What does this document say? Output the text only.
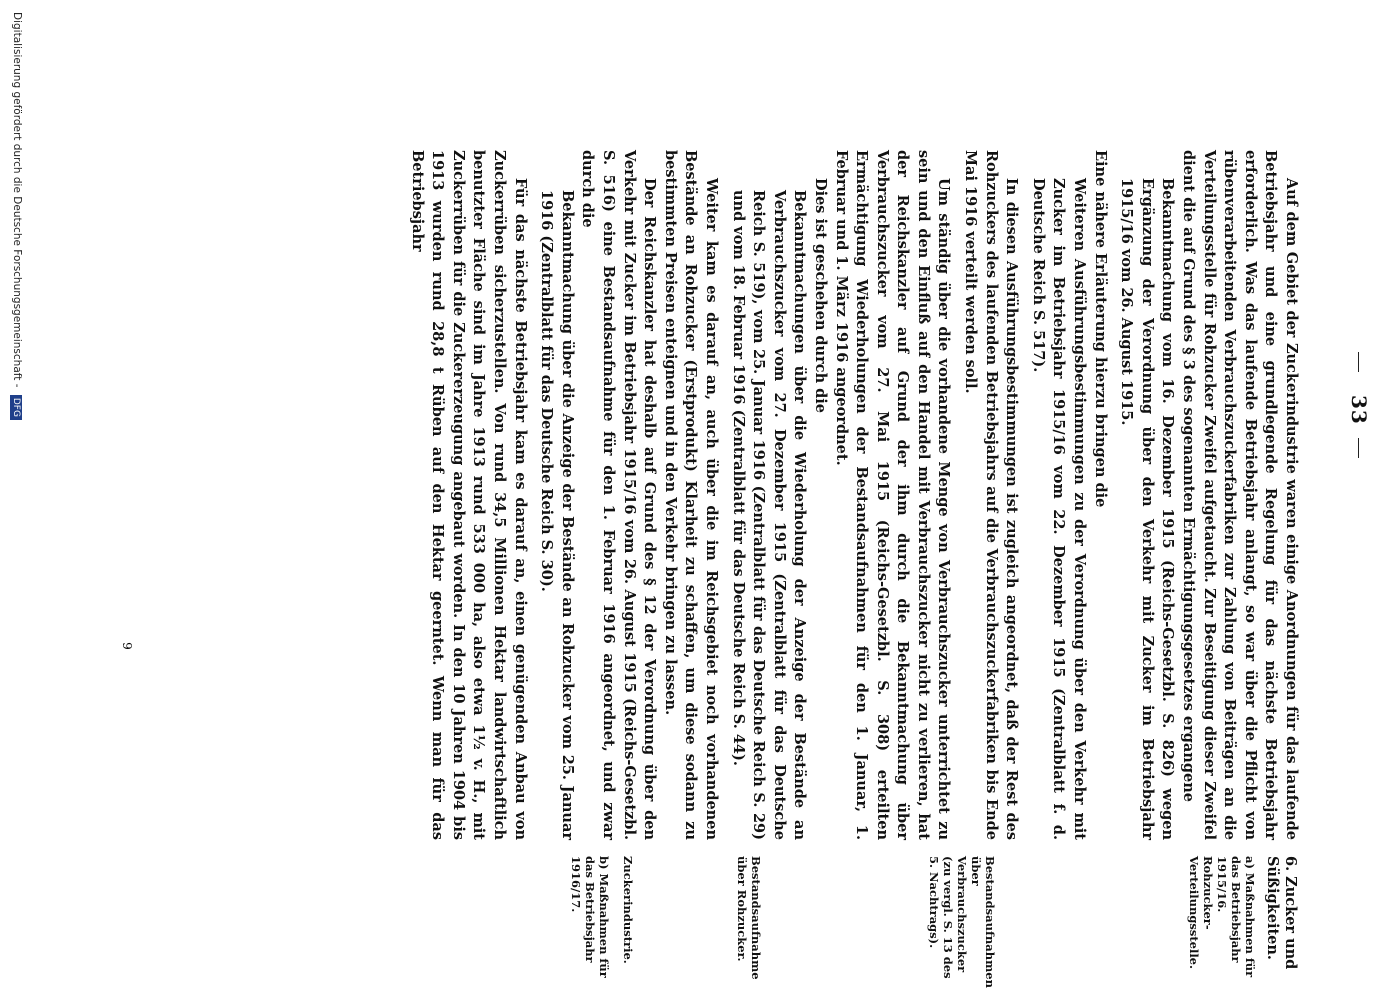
33

Auf dem Gebiet der Zuckerindustrie waren einige Anordnungen für das laufende Betriebsjahr und eine grundlegende Regelung für das nächste Betriebsjahr erforderlich. Was das laufende Betriebsjahr anlangt, so war über die Pflicht von rübenverarbeitenden Verbrauchszuckerfabriken zur Zahlung von Beiträgen an die Verteilungsstelle für Rohzucker Zweifel aufgetaucht. Zur Beseitigung dieser Zweifel dient die auf Grund des § 3 des sogenannten Ermächtigungsgesetzes ergangene

Bekanntmachung vom 16. Dezember 1915 (Reichs-Gesetzbl. S. 826) wegen Ergänzung der Verordnung über den Verkehr mit Zucker im Betriebsjahr 1915/16 vom 26. August 1915.

Eine nähere Erläuterung hierzu bringen die

Weiteren Ausführungsbestimmungen zu der Verordnung über den Verkehr mit Zucker im Betriebsjahr 1915/16 vom 22. Dezember 1915 (Zentralblatt f. d. Deutsche Reich S. 517).

In diesen Ausführungsbestimmungen ist zugleich angeordnet, daß der Rest des Rohzuckers des laufenden Betriebsjahrs auf die Verbrauchszuckerfabriken bis Ende Mai 1916 verteilt werden soll.

Um ständig über die vorhandene Menge von Verbrauchszucker unterrichtet zu sein und den Einfluß auf den Handel mit Verbrauchszucker nicht zu verlieren, hat der Reichskanzler auf Grund der ihm durch die Bekanntmachung über Verbrauchszucker vom 27. Mai 1915 (Reichs-Gesetzbl. S. 308) erteilten Ermächtigung Wiederholungen der Bestandsaufnahmen für den 1. Januar, 1. Februar und 1. März 1916 angeordnet.

Dies ist geschehen durch die

Bekanntmachungen über die Wiederholung der Anzeige der Bestände an Verbrauchszucker vom 27. Dezember 1915 (Zentralblatt für das Deutsche Reich S. 519), vom 25. Januar 1916 (Zentralblatt für das Deutsche Reich S. 29) und vom 18. Februar 1916 (Zentralblatt für das Deutsche Reich S. 44).

Weiter kam es darauf an, auch über die im Reichsgebiet noch vorhandenen Bestände an Rohzucker (Erstprodukt) Klarheit zu schaffen, um diese sodann zu bestimmten Preisen enteignen und in den Verkehr bringen zu lassen.

Der Reichskanzler hat deshalb auf Grund des § 12 der Verordnung über den Verkehr mit Zucker im Betriebsjahr 1915/16 vom 26. August 1915 (Reichs-Gesetzbl. S. 516) eine Bestandsaufnahme für den 1. Februar 1916 angeordnet, und zwar durch die

Bekanntmachung über die Anzeige der Bestände an Rohzucker vom 25. Januar 1916 (Zentralblatt für das Deutsche Reich S. 30).

Für das nächste Betriebsjahr kam es darauf an, einen genügenden Anbau von Zuckerrüben sicherzustellen. Von rund 34,5 Millionen Hektar landwirtschaftlich benutzter Fläche sind im Jahre 1913 rund 533 000 ha, also etwa 1½ v. H., mit Zuckerrüben für die Zuckererzeugung angebaut worden. In den 10 Jahren 1904 bis 1913 wurden rund 28,8 t Rüben auf den Hektar geerntet. Wenn man für das Betriebsjahr

6. Zucker und Süßigkeiten.
a) Maßnahmen für das Betriebsjahr 1915/16. Rohzucker-Verteilungsstelle.
Bestandsaufnahmen über Verbrauchszucker (zu vergl. S. 13 des 5. Nachtrags).
Bestandsaufnahme über Rohzucker.
Zuckerindustrie.
b) Maßnahmen für das Betriebsjahr 1916/17.
Digitalisierung gefördert durch die Deutsche Forschungsgemeinschaft - DFG
9
